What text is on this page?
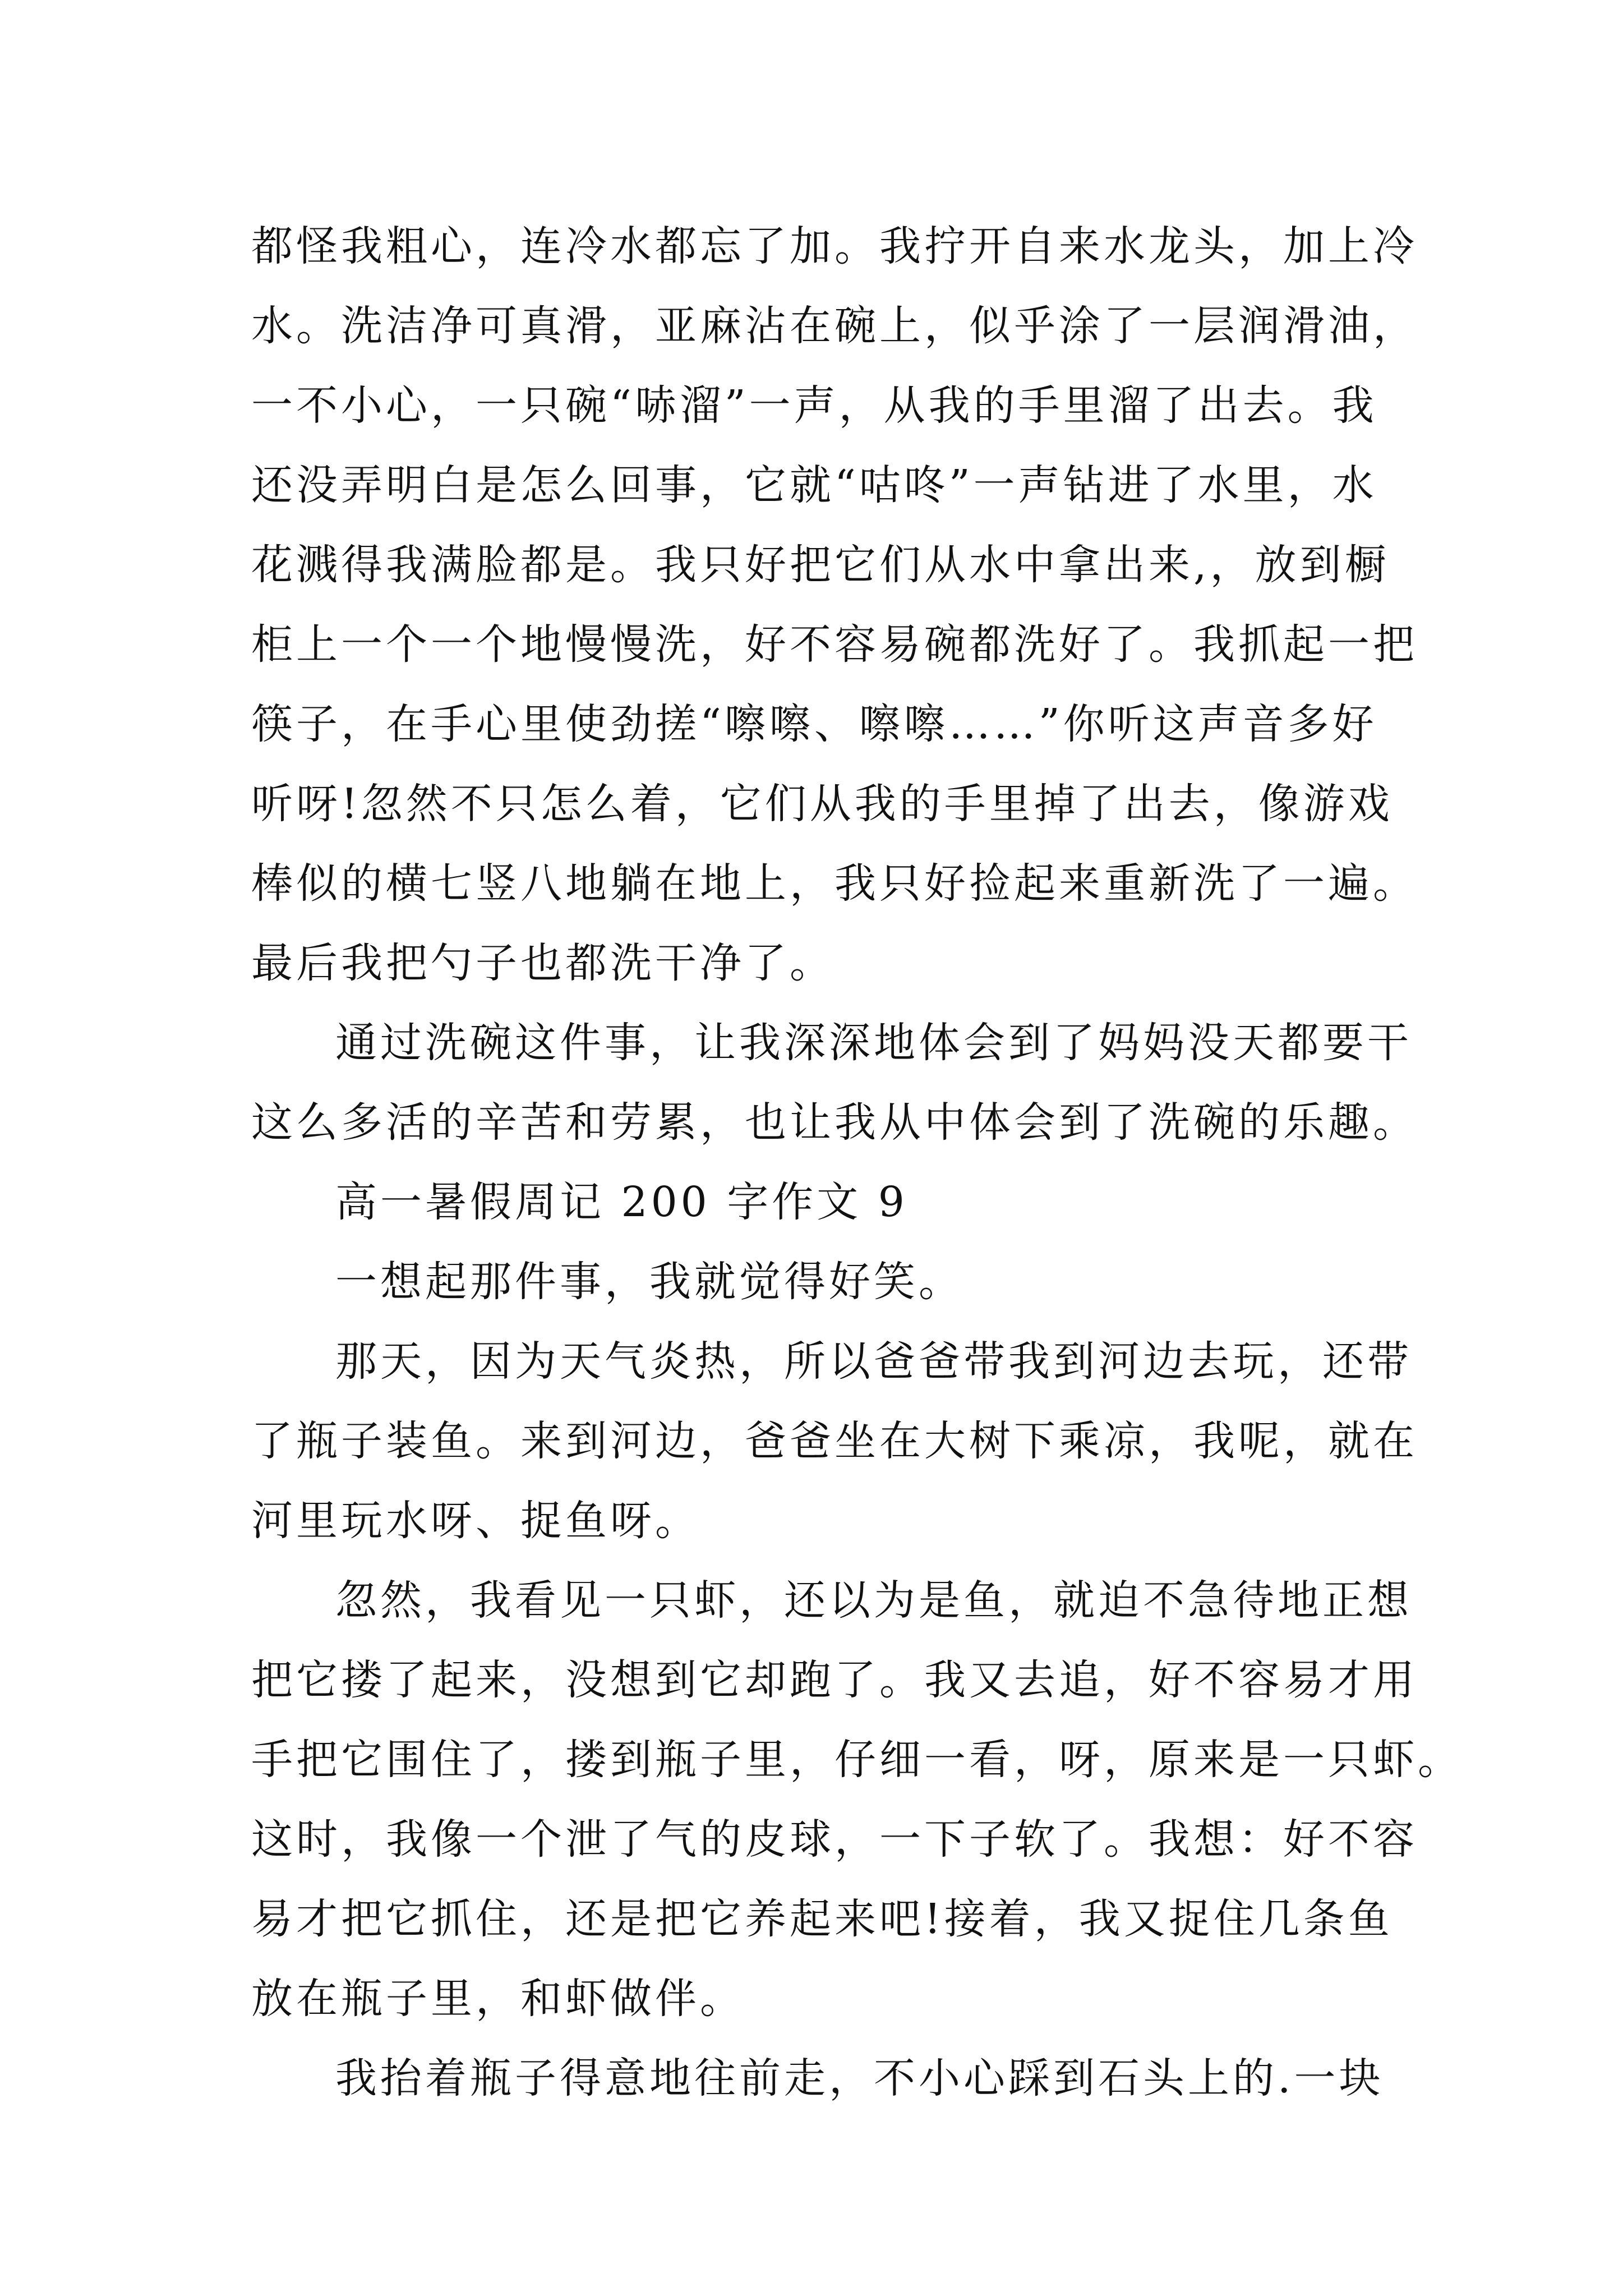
都怪我粗心，连冷水都忘了加。我拧开自来水龙头，加上冷
水。洗洁净可真滑，亚麻沾在碗上，似乎涂了一层润滑油，
一不小心，一只碗“哧溜”一声，从我的手里溜了出去。我
还没弄明白是怎么回事，它就“咕咚”一声钻进了水里，水
花溅得我满脸都是。我只好把它们从水中拿出来,，放到橱
柜上一个一个地慢慢洗，好不容易碗都洗好了。我抓起一把
筷子，在手心里使劲搓“嚓嚓、嚓嚓……”你听这声音多好
听呀!忽然不只怎么着，它们从我的手里掉了出去，像游戏
棒似的横七竖八地躺在地上，我只好捡起来重新洗了一遍。
最后我把勺子也都洗干净了。
通过洗碗这件事，让我深深地体会到了妈妈没天都要干
这么多活的辛苦和劳累，也让我从中体会到了洗碗的乐趣。
高一暑假周记 200 字作文 9
一想起那件事，我就觉得好笑。
那天，因为天气炎热，所以爸爸带我到河边去玩，还带
了瓶子装鱼。来到河边，爸爸坐在大树下乘凉，我呢，就在
河里玩水呀、捉鱼呀。
忽然，我看见一只虾，还以为是鱼，就迫不急待地正想
把它搂了起来，没想到它却跑了。我又去追，好不容易才用
手把它围住了，搂到瓶子里，仔细一看，呀，原来是一只虾。
这时，我像一个泄了气的皮球，一下子软了。我想：好不容
易才把它抓住，还是把它养起来吧!接着，我又捉住几条鱼
放在瓶子里，和虾做伴。
我抬着瓶子得意地往前走，不小心踩到石头上的.一块
